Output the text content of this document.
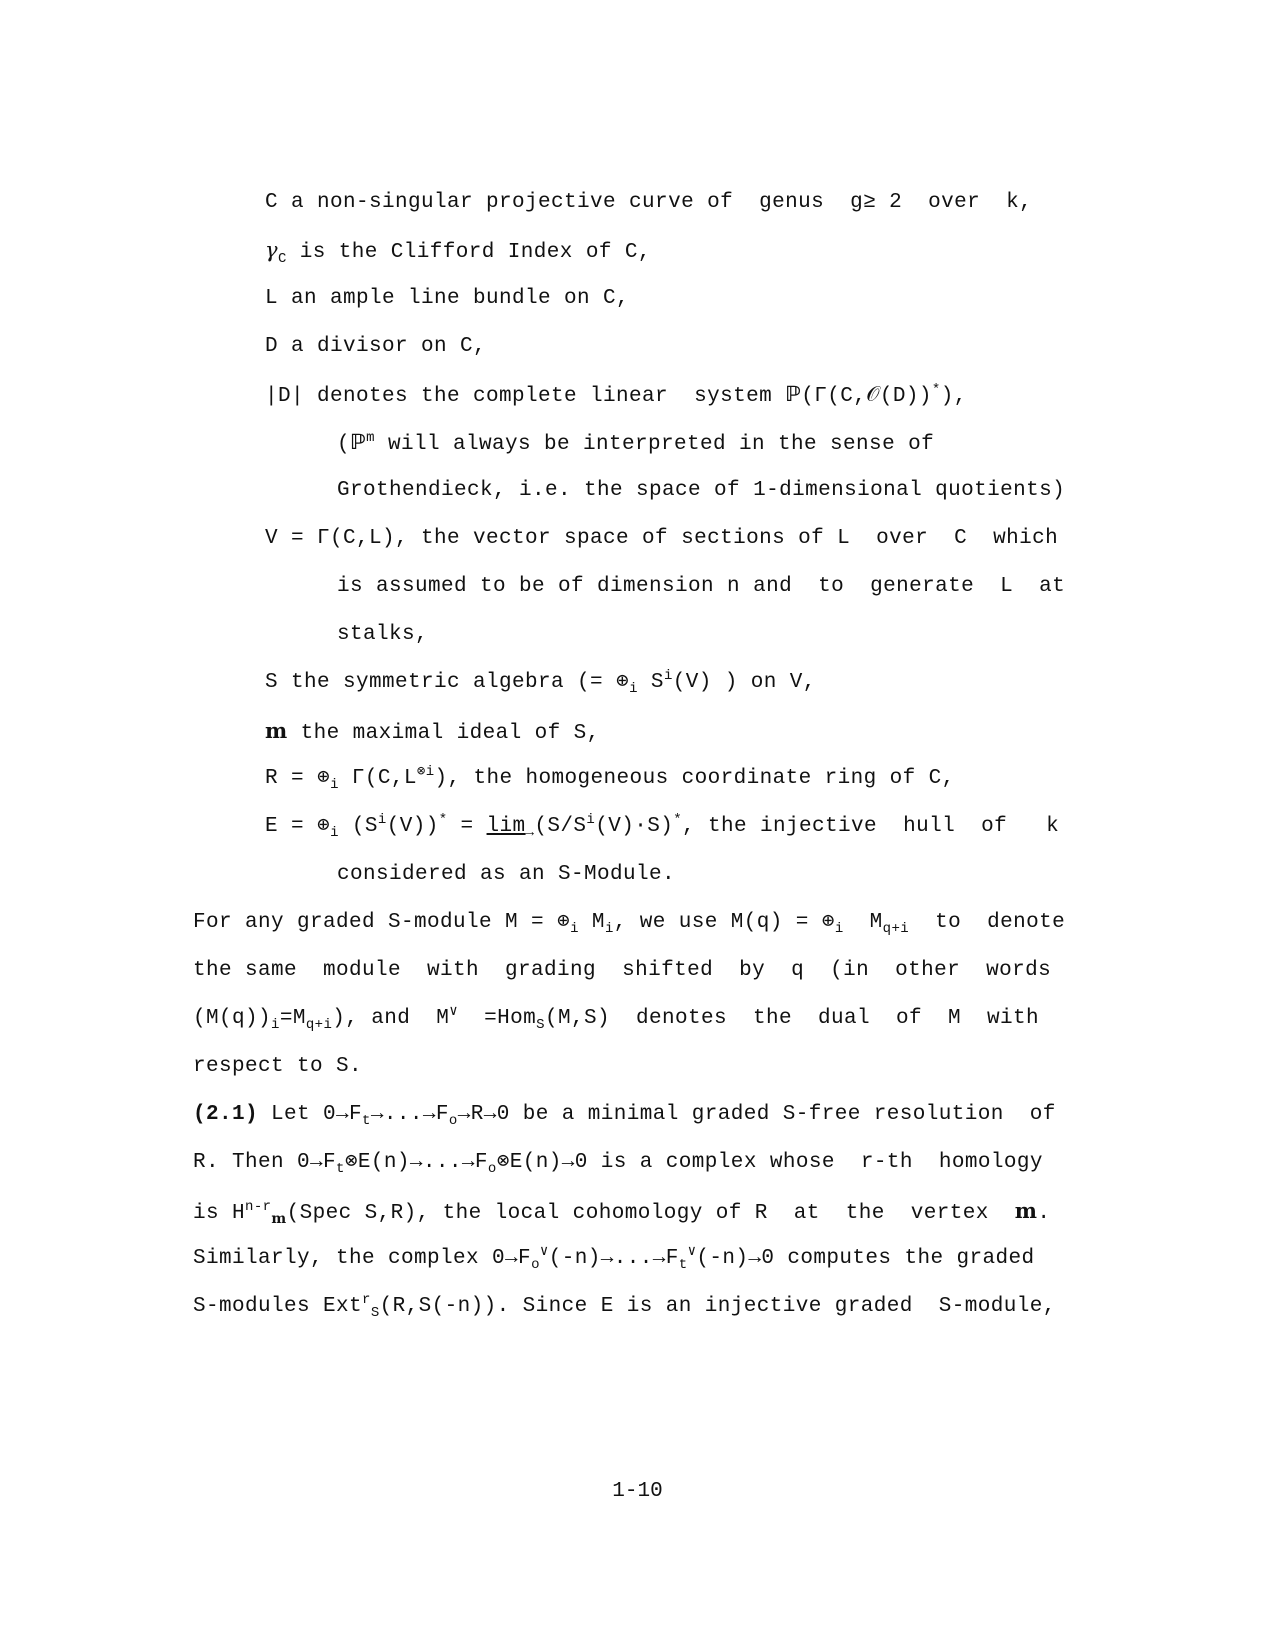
C a non-singular projective curve of  genus  g≥ 2  over  k,
$\gamma_C$ is the Clifford Index of C,
L an ample line bundle on C,
D a divisor on C,
|D| denotes the complete linear  system ℙ(Γ(C,𝒪(D))*),
(ℙ$^m$ will always be interpreted in the sense of
Grothendieck, i.e. the space of 1-dimensional quotients)
V = Γ(C,L), the vector space of sections of L  over  C  which
is assumed to be of dimension n and  to  generate  L  at
stalks,
S the symmetric algebra (= $\oplus_i$ $S^i(V)$ ) on V,
m the maximal ideal of S,
$R = \oplus_i$ $\Gamma(C,L^{\otimes i})$, the homogeneous coordinate ring of C,
$E = \oplus_i$ $(S^i(V))^* = \lim_\to(S/S^i(V)\cdot S)^*$, the injective  hull  of   k
considered as an S-Module.
For any graded S-module $M = \oplus_i$ $M_i$, we use $M(q) = \oplus_i$  $M_{q+i}$  to  denote
the same  module  with  grading  shifted  by  q  (in  other  words
$(M(q))_i=M_{q+i}$), and  M∨  =Hom$_S$(M,S)  denotes  the  dual  of  M  with
respect to S.
(2.1) Let $0\to F_t\to...\to F_o\to R\to 0$ be a minimal graded S-free resolution  of
R. Then $0\to F_t\otimes E(n)\to...\to F_o\otimes E(n)\to 0$ is a complex whose  r-th  homology
is $H^{n-r}_m(Spec$ S,R), the local cohomology of R  at  the  vertex  m.
Similarly, the complex $0\to F_o^\vee(-n)\to...\to F_t^\vee(-n)\to 0$ computes the graded
S-modules Ext$^r_S$(R,S(-n)). Since E is an injective graded  S-module,
1-10
